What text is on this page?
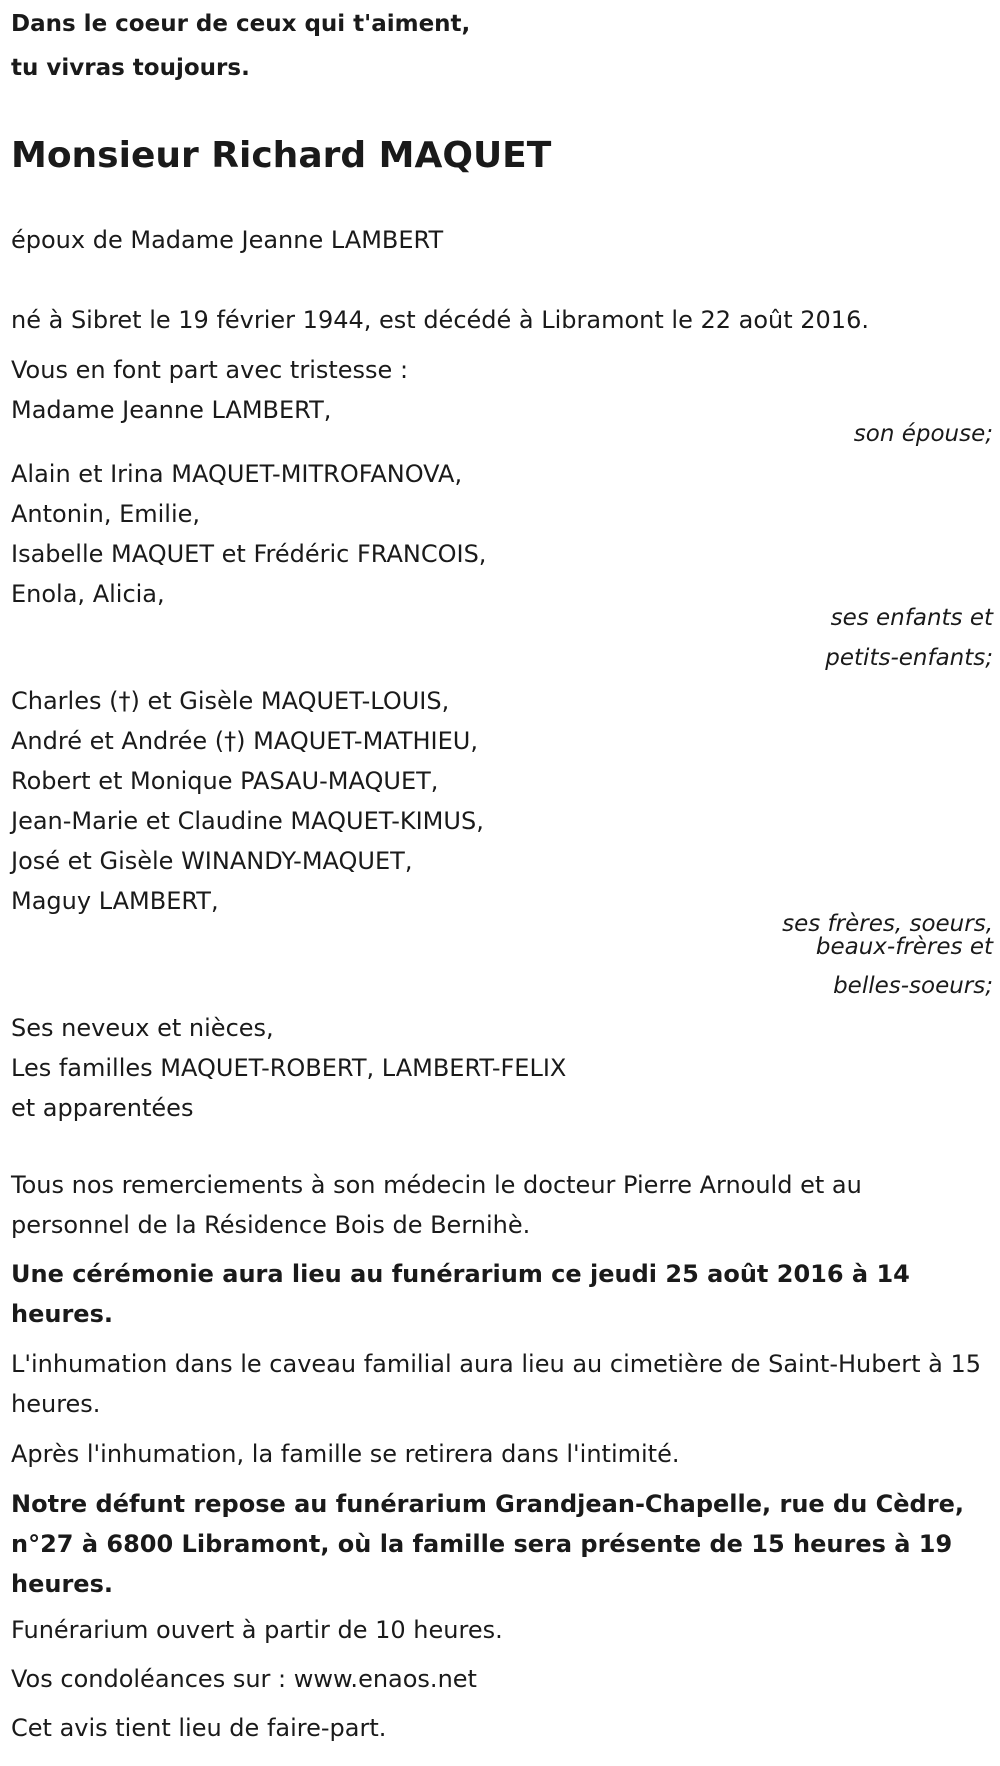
Dans le coeur de ceux qui t'aiment,
tu vivras toujours.
Monsieur Richard MAQUET
époux de Madame Jeanne LAMBERT
né à Sibret le 19 février 1944, est décédé à Libramont le 22 août 2016.
Vous en font part avec tristesse :
Madame Jeanne LAMBERT,
son épouse;
Alain et Irina MAQUET-MITROFANOVA,
Antonin, Emilie,
Isabelle MAQUET et Frédéric FRANCOIS,
Enola, Alicia,
ses enfants et
petits-enfants;
Charles (†) et Gisèle MAQUET-LOUIS,
André et Andrée (†) MAQUET-MATHIEU,
Robert et Monique PASAU-MAQUET,
Jean-Marie et Claudine MAQUET-KIMUS,
José et Gisèle WINANDY-MAQUET,
Maguy LAMBERT,
ses frères, soeurs,
beaux-frères et
belles-soeurs;
Ses neveux et nièces,
Les familles MAQUET-ROBERT, LAMBERT-FELIX
et apparentées
Tous nos remerciements à son médecin le docteur Pierre Arnould et au personnel de la Résidence Bois de Bernihè.
Une cérémonie aura lieu au funérarium ce jeudi 25 août 2016 à 14 heures.
L'inhumation dans le caveau familial aura lieu au cimetière de Saint-Hubert à 15 heures.
Après l'inhumation, la famille se retirera dans l'intimité.
Notre défunt repose au funérarium Grandjean-Chapelle, rue du Cèdre, n°27 à 6800 Libramont, où la famille sera présente de 15 heures à 19 heures.
Funérarium ouvert à partir de 10 heures.
Vos condoléances sur : www.enaos.net
Cet avis tient lieu de faire-part.
